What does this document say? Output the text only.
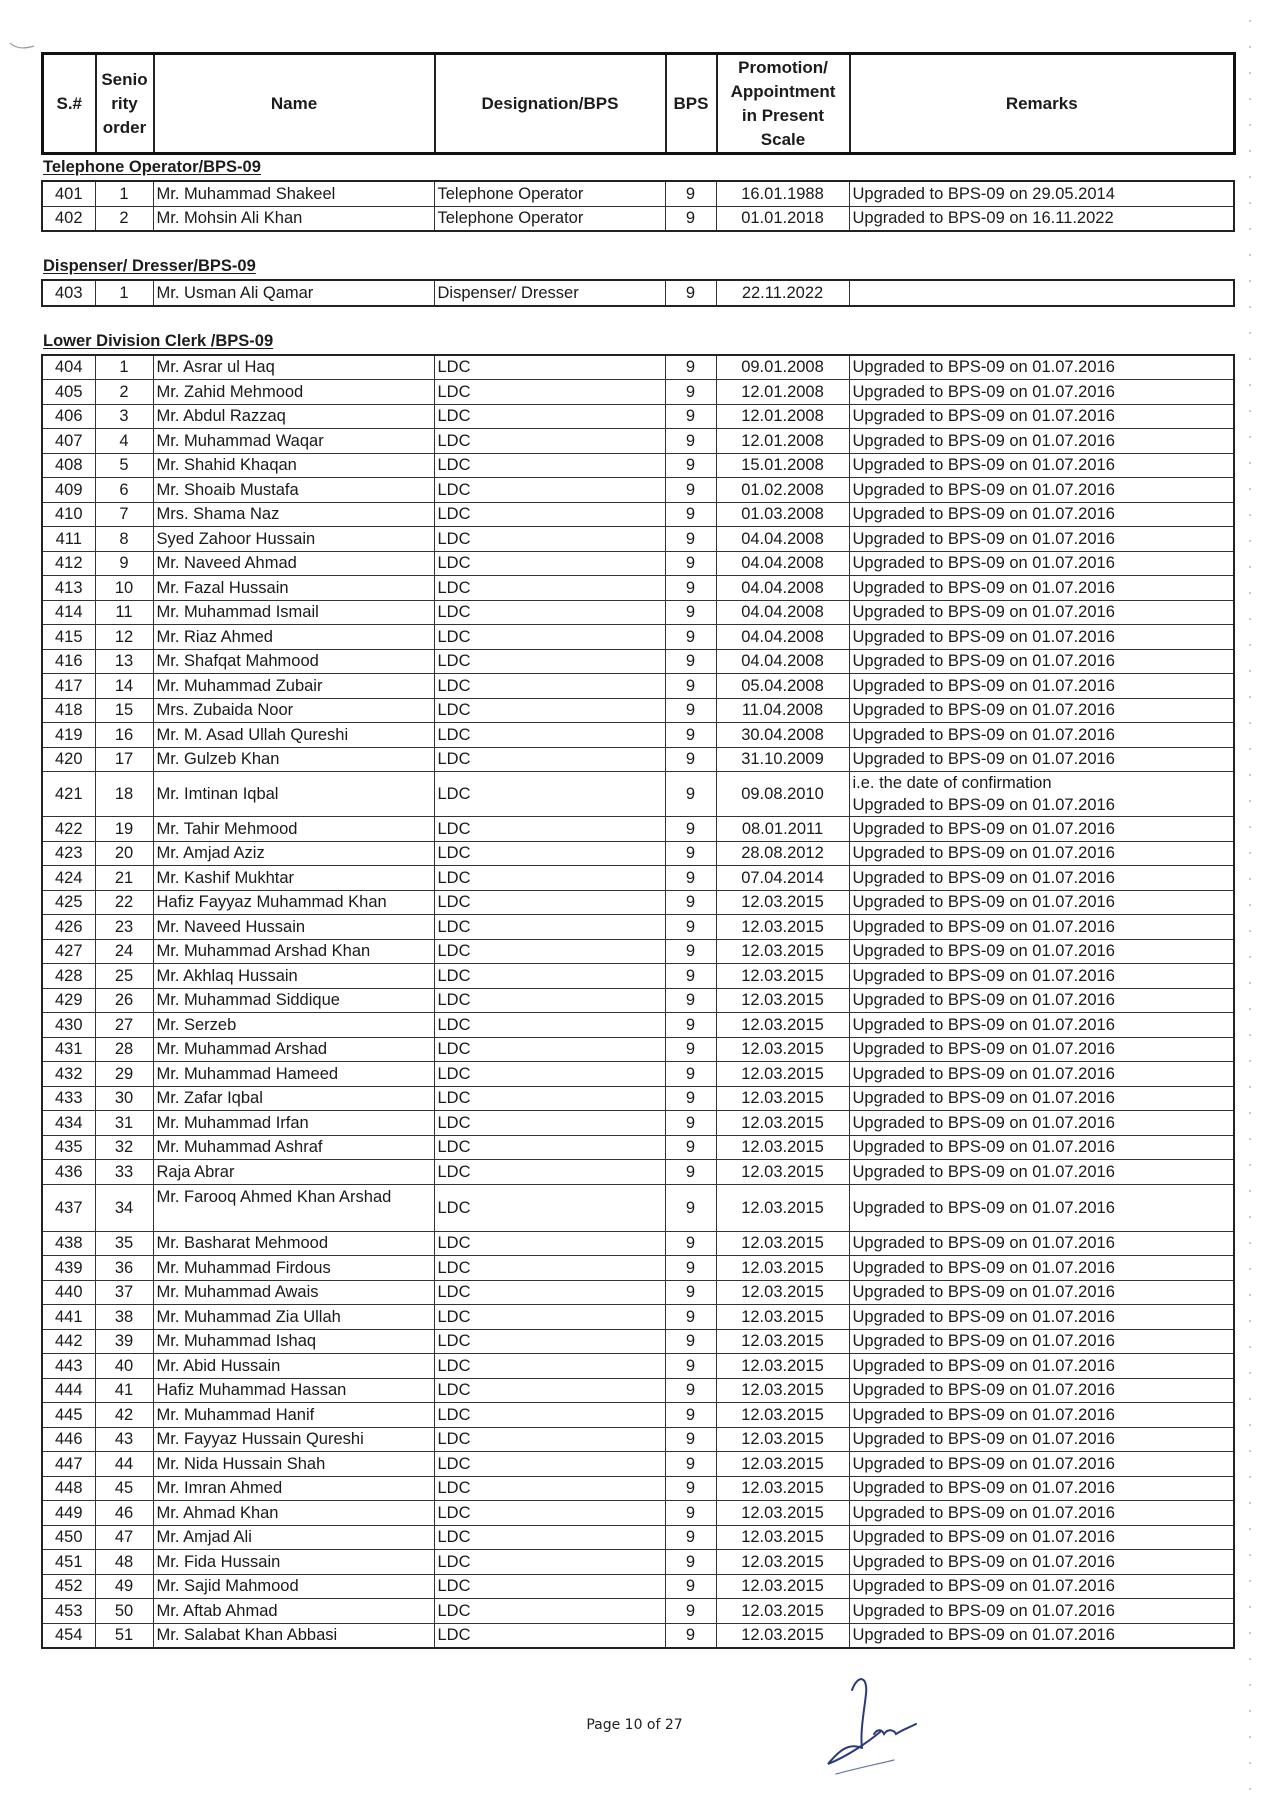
S.#	Senio
rity
order	Name	Designation/BPS	BPS	Promotion/
Appointment
in Present
Scale	Remarks
Telephone Operator/BPS-09
401	1	Mr. Muhammad Shakeel	Telephone Operator	9	16.01.1988	Upgraded to BPS-09 on 29.05.2014
402	2	Mr. Mohsin Ali Khan	Telephone Operator	9	01.01.2018	Upgraded to BPS-09 on 16.11.2022
Dispenser/ Dresser/BPS-09
403	1	Mr. Usman Ali Qamar	Dispenser/ Dresser	9	22.11.2022	
Lower Division Clerk /BPS-09
404	1	Mr. Asrar ul Haq	LDC	9	09.01.2008	Upgraded to BPS-09 on 01.07.2016
405	2	Mr. Zahid Mehmood	LDC	9	12.01.2008	Upgraded to BPS-09 on 01.07.2016
406	3	Mr. Abdul Razzaq	LDC	9	12.01.2008	Upgraded to BPS-09 on 01.07.2016
407	4	Mr. Muhammad Waqar	LDC	9	12.01.2008	Upgraded to BPS-09 on 01.07.2016
408	5	Mr. Shahid Khaqan	LDC	9	15.01.2008	Upgraded to BPS-09 on 01.07.2016
409	6	Mr. Shoaib Mustafa	LDC	9	01.02.2008	Upgraded to BPS-09 on 01.07.2016
410	7	Mrs. Shama Naz	LDC	9	01.03.2008	Upgraded to BPS-09 on 01.07.2016
411	8	Syed Zahoor Hussain	LDC	9	04.04.2008	Upgraded to BPS-09 on 01.07.2016
412	9	Mr. Naveed Ahmad	LDC	9	04.04.2008	Upgraded to BPS-09 on 01.07.2016
413	10	Mr. Fazal Hussain	LDC	9	04.04.2008	Upgraded to BPS-09 on 01.07.2016
414	11	Mr. Muhammad Ismail	LDC	9	04.04.2008	Upgraded to BPS-09 on 01.07.2016
415	12	Mr. Riaz Ahmed	LDC	9	04.04.2008	Upgraded to BPS-09 on 01.07.2016
416	13	Mr. Shafqat Mahmood	LDC	9	04.04.2008	Upgraded to BPS-09 on 01.07.2016
417	14	Mr. Muhammad Zubair	LDC	9	05.04.2008	Upgraded to BPS-09 on 01.07.2016
418	15	Mrs. Zubaida Noor	LDC	9	11.04.2008	Upgraded to BPS-09 on 01.07.2016
419	16	Mr. M. Asad Ullah Qureshi	LDC	9	30.04.2008	Upgraded to BPS-09 on 01.07.2016
420	17	Mr. Gulzeb Khan	LDC	9	31.10.2009	Upgraded to BPS-09 on 01.07.2016
421	18	Mr. Imtinan Iqbal	LDC	9	09.08.2010	i.e. the date of confirmation
Upgraded to BPS-09 on 01.07.2016
422	19	Mr. Tahir Mehmood	LDC	9	08.01.2011	Upgraded to BPS-09 on 01.07.2016
423	20	Mr. Amjad Aziz	LDC	9	28.08.2012	Upgraded to BPS-09 on 01.07.2016
424	21	Mr. Kashif Mukhtar	LDC	9	07.04.2014	Upgraded to BPS-09 on 01.07.2016
425	22	Hafiz Fayyaz Muhammad Khan	LDC	9	12.03.2015	Upgraded to BPS-09 on 01.07.2016
426	23	Mr. Naveed Hussain	LDC	9	12.03.2015	Upgraded to BPS-09 on 01.07.2016
427	24	Mr. Muhammad Arshad Khan	LDC	9	12.03.2015	Upgraded to BPS-09 on 01.07.2016
428	25	Mr. Akhlaq Hussain	LDC	9	12.03.2015	Upgraded to BPS-09 on 01.07.2016
429	26	Mr. Muhammad Siddique	LDC	9	12.03.2015	Upgraded to BPS-09 on 01.07.2016
430	27	Mr. Serzeb	LDC	9	12.03.2015	Upgraded to BPS-09 on 01.07.2016
431	28	Mr. Muhammad Arshad	LDC	9	12.03.2015	Upgraded to BPS-09 on 01.07.2016
432	29	Mr. Muhammad Hameed	LDC	9	12.03.2015	Upgraded to BPS-09 on 01.07.2016
433	30	Mr. Zafar Iqbal	LDC	9	12.03.2015	Upgraded to BPS-09 on 01.07.2016
434	31	Mr. Muhammad Irfan	LDC	9	12.03.2015	Upgraded to BPS-09 on 01.07.2016
435	32	Mr. Muhammad Ashraf	LDC	9	12.03.2015	Upgraded to BPS-09 on 01.07.2016
436	33	Raja Abrar	LDC	9	12.03.2015	Upgraded to BPS-09 on 01.07.2016
437	34	Mr. Farooq Ahmed Khan Arshad	LDC	9	12.03.2015	Upgraded to BPS-09 on 01.07.2016
438	35	Mr. Basharat Mehmood	LDC	9	12.03.2015	Upgraded to BPS-09 on 01.07.2016
439	36	Mr. Muhammad Firdous	LDC	9	12.03.2015	Upgraded to BPS-09 on 01.07.2016
440	37	Mr. Muhammad Awais	LDC	9	12.03.2015	Upgraded to BPS-09 on 01.07.2016
441	38	Mr. Muhammad Zia Ullah	LDC	9	12.03.2015	Upgraded to BPS-09 on 01.07.2016
442	39	Mr. Muhammad Ishaq	LDC	9	12.03.2015	Upgraded to BPS-09 on 01.07.2016
443	40	Mr. Abid Hussain	LDC	9	12.03.2015	Upgraded to BPS-09 on 01.07.2016
444	41	Hafiz Muhammad Hassan	LDC	9	12.03.2015	Upgraded to BPS-09 on 01.07.2016
445	42	Mr. Muhammad Hanif	LDC	9	12.03.2015	Upgraded to BPS-09 on 01.07.2016
446	43	Mr. Fayyaz Hussain Qureshi	LDC	9	12.03.2015	Upgraded to BPS-09 on 01.07.2016
447	44	Mr. Nida Hussain Shah	LDC	9	12.03.2015	Upgraded to BPS-09 on 01.07.2016
448	45	Mr. Imran Ahmed	LDC	9	12.03.2015	Upgraded to BPS-09 on 01.07.2016
449	46	Mr. Ahmad Khan	LDC	9	12.03.2015	Upgraded to BPS-09 on 01.07.2016
450	47	Mr. Amjad Ali	LDC	9	12.03.2015	Upgraded to BPS-09 on 01.07.2016
451	48	Mr. Fida Hussain	LDC	9	12.03.2015	Upgraded to BPS-09 on 01.07.2016
452	49	Mr. Sajid Mahmood	LDC	9	12.03.2015	Upgraded to BPS-09 on 01.07.2016
453	50	Mr. Aftab Ahmad	LDC	9	12.03.2015	Upgraded to BPS-09 on 01.07.2016
454	51	Mr. Salabat Khan Abbasi	LDC	9	12.03.2015	Upgraded to BPS-09 on 01.07.2016
Page 10 of 27
